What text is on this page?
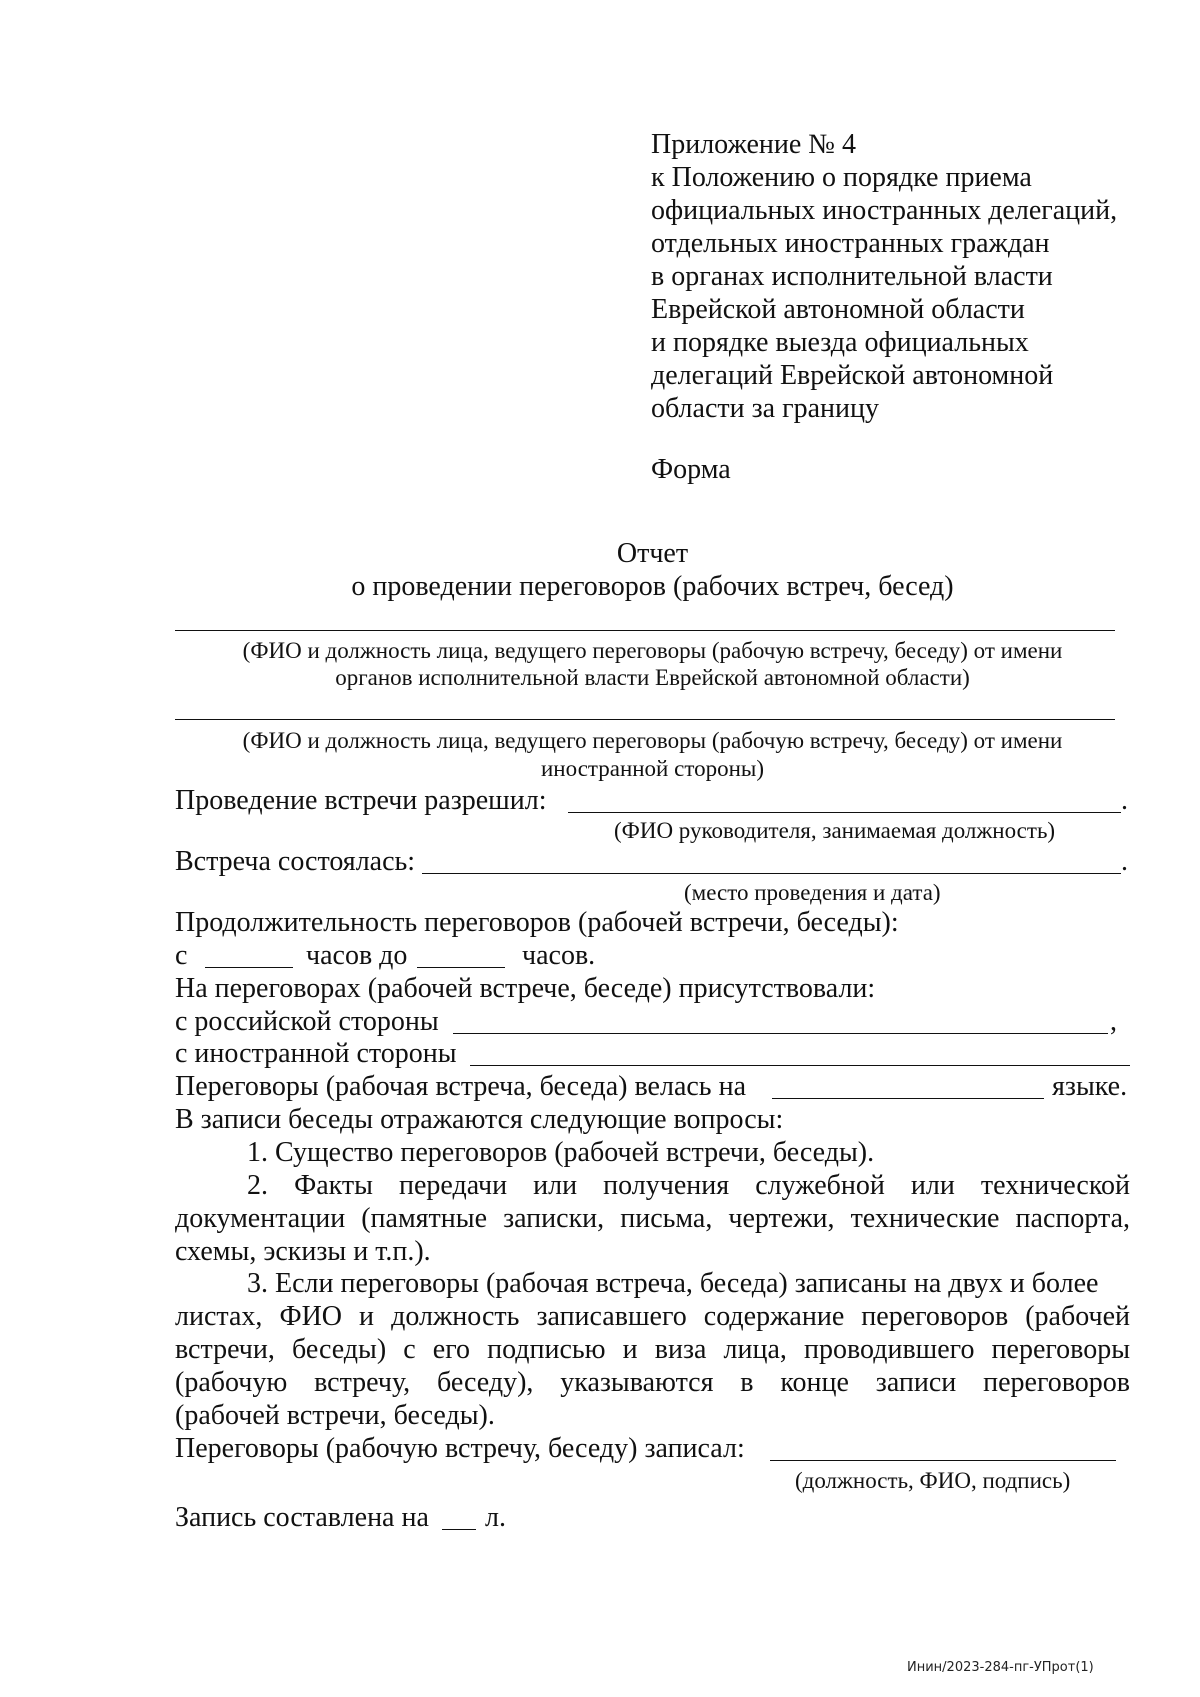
Приложение № 4
к Положению о порядке приема
официальных иностранных делегаций,
отдельных иностранных граждан
в органах исполнительной власти
Еврейской автономной области
и порядке выезда официальных
делегаций Еврейской автономной
области за границу
Форма
Отчет
о проведении переговоров (рабочих встреч, бесед)
(ФИО и должность лица, ведущего переговоры (рабочую встречу, беседу) от имени
органов исполнительной власти Еврейской автономной области)
(ФИО и должность лица, ведущего переговоры (рабочую встречу, беседу) от имени
иностранной стороны)
Проведение встречи разрешил:	.
(ФИО руководителя, занимаемая должность)
Встреча состоялась:	.
(место проведения и дата)
Продолжительность переговоров (рабочей встречи, беседы):
с	часов до	часов.
На переговорах (рабочей встрече, беседе) присутствовали:
с российской стороны	,
с иностранной стороны
Переговоры (рабочая встреча, беседа) велась на	языке.
В записи беседы отражаются следующие вопросы:
1. Существо переговоров (рабочей встречи, беседы).
2. Факты передачи или получения служебной или технической
документации (памятные записки, письма, чертежи, технические паспорта,
схемы, эскизы и т.п.).
3. Если переговоры (рабочая встреча, беседа) записаны на двух и более
листах, ФИО и должность записавшего содержание переговоров (рабочей
встречи, беседы) с его подписью и виза лица, проводившего переговоры
(рабочую встречу, беседу), указываются в конце записи переговоров
(рабочей встречи, беседы).
Переговоры (рабочую встречу, беседу) записал:
(должность, ФИО, подпись)
Запись составлена на л.
Инин/2023-284-пг-УПрот(1)
